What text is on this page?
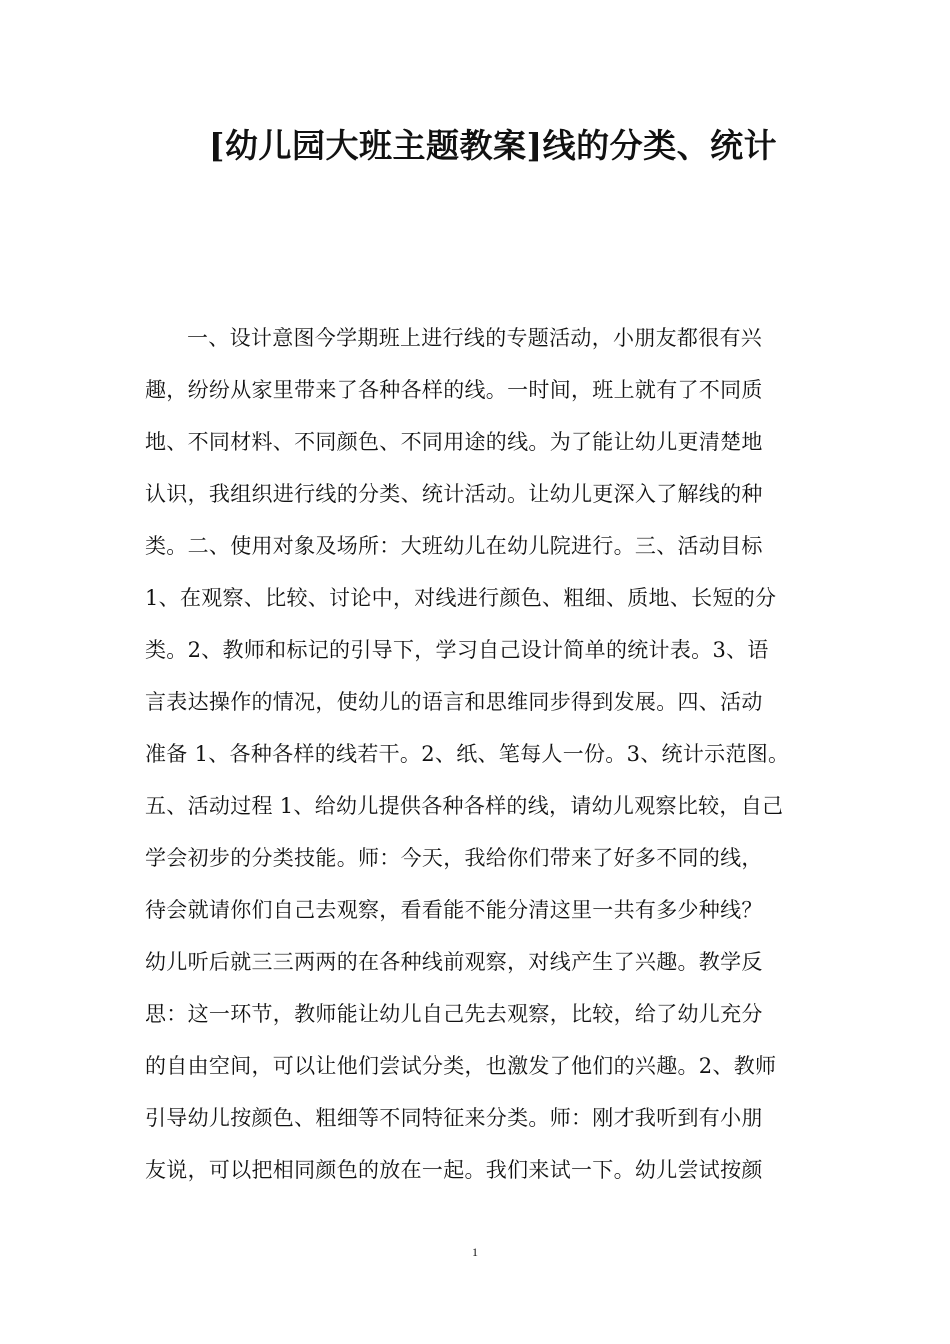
[幼儿园大班主题教案]线的分类、统计
一、设计意图今学期班上进行线的专题活动，小朋友都很有兴
趣，纷纷从家里带来了各种各样的线。一时间，班上就有了不同质
地、不同材料、不同颜色、不同用途的线。为了能让幼儿更清楚地
认识，我组织进行线的分类、统计活动。让幼儿更深入了解线的种
类。二、使用对象及场所：大班幼儿在幼儿院进行。三、活动目标
1、在观察、比较、讨论中，对线进行颜色、粗细、质地、长短的分
类。2、教师和标记的引导下，学习自己设计简单的统计表。3、语
言表达操作的情况，使幼儿的语言和思维同步得到发展。四、活动
准备 1、各种各样的线若干。2、纸、笔每人一份。3、统计示范图。
五、活动过程 1、给幼儿提供各种各样的线，请幼儿观察比较，自己
学会初步的分类技能。师：今天，我给你们带来了好多不同的线，
待会就请你们自己去观察，看看能不能分清这里一共有多少种线？
幼儿听后就三三两两的在各种线前观察，对线产生了兴趣。教学反
思：这一环节，教师能让幼儿自己先去观察，比较，给了幼儿充分
的自由空间，可以让他们尝试分类，也激发了他们的兴趣。2、教师
引导幼儿按颜色、粗细等不同特征来分类。师：刚才我听到有小朋
友说，可以把相同颜色的放在一起。我们来试一下。幼儿尝试按颜
1
